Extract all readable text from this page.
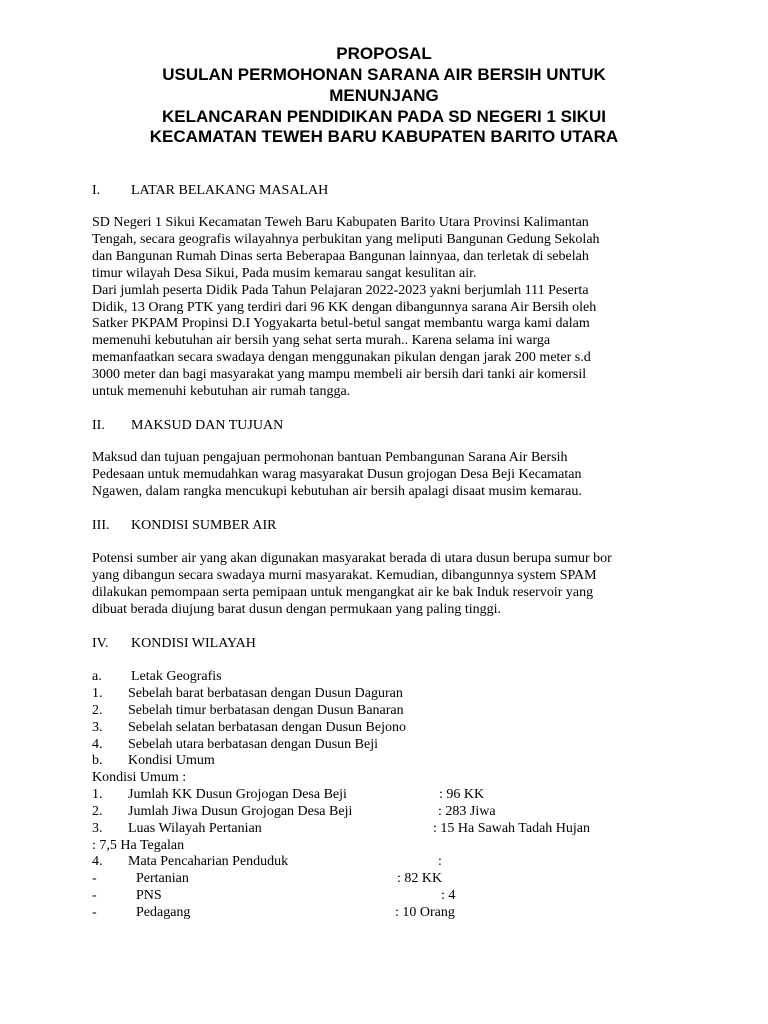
PROPOSAL
USULAN PERMOHONAN SARANA AIR BERSIH UNTUK
MENUNJANG
KELANCARAN PENDIDIKAN PADA SD NEGERI 1 SIKUI
KECAMATAN TEWEH BARU KABUPATEN BARITO UTARA
I. LATAR BELAKANG MASALAH
SD Negeri 1 Sikui Kecamatan Teweh Baru Kabupaten Barito Utara Provinsi Kalimantan
Tengah, secara geografis wilayahnya perbukitan yang meliputi Bangunan Gedung Sekolah
dan Bangunan Rumah Dinas serta Beberapaa Bangunan lainnyaa, dan terletak di sebelah
timur wilayah Desa Sikui, Pada musim kemarau sangat kesulitan air.
Dari jumlah peserta Didik Pada Tahun Pelajaran 2022-2023 yakni berjumlah 111 Peserta
Didik, 13 Orang PTK yang terdiri dari 96 KK dengan dibangunnya sarana Air Bersih oleh
Satker PKPAM Propinsi D.I Yogyakarta betul-betul sangat membantu warga kami dalam
memenuhi kebutuhan air bersih yang sehat serta murah.. Karena selama ini warga
memanfaatkan secara swadaya dengan menggunakan pikulan dengan jarak 200 meter s.d
3000 meter dan bagi masyarakat yang mampu membeli air bersih dari tanki air komersil
untuk memenuhi kebutuhan air rumah tangga.
II. MAKSUD DAN TUJUAN
Maksud dan tujuan pengajuan permohonan bantuan Pembangunan Sarana Air Bersih
Pedesaan untuk memudahkan warag masyarakat Dusun grojogan Desa Beji Kecamatan
Ngawen, dalam rangka mencukupi kebutuhan air bersih apalagi disaat musim kemarau.
III. KONDISI SUMBER AIR
Potensi sumber air yang akan digunakan masyarakat berada di utara dusun berupa sumur bor
yang dibangun secara swadaya murni masyarakat. Kemudian, dibangunnya system SPAM
dilakukan pemompaan serta pemipaan untuk mengangkat air ke bak Induk reservoir yang
dibuat berada diujung barat dusun dengan permukaan yang paling tinggi.
IV. KONDISI WILAYAH
a. Letak Geografis
1. Sebelah barat berbatasan dengan Dusun Daguran
2. Sebelah timur berbatasan dengan Dusun Banaran
3. Sebelah selatan berbatasan dengan Dusun Bejono
4. Sebelah utara berbatasan dengan Dusun Beji
b. Kondisi Umum
Kondisi Umum :
1. Jumlah KK Dusun Grojogan Desa Beji	: 96 KK
2. Jumlah Jiwa Dusun Grojogan Desa Beji	: 283 Jiwa
3. Luas Wilayah Pertanian	: 15 Ha Sawah Tadah Hujan
: 7,5 Ha Tegalan
4. Mata Pencaharian Penduduk	:
-	Pertanian	: 82 KK
-	PNS	: 4
-	Pedagang	: 10 Orang
